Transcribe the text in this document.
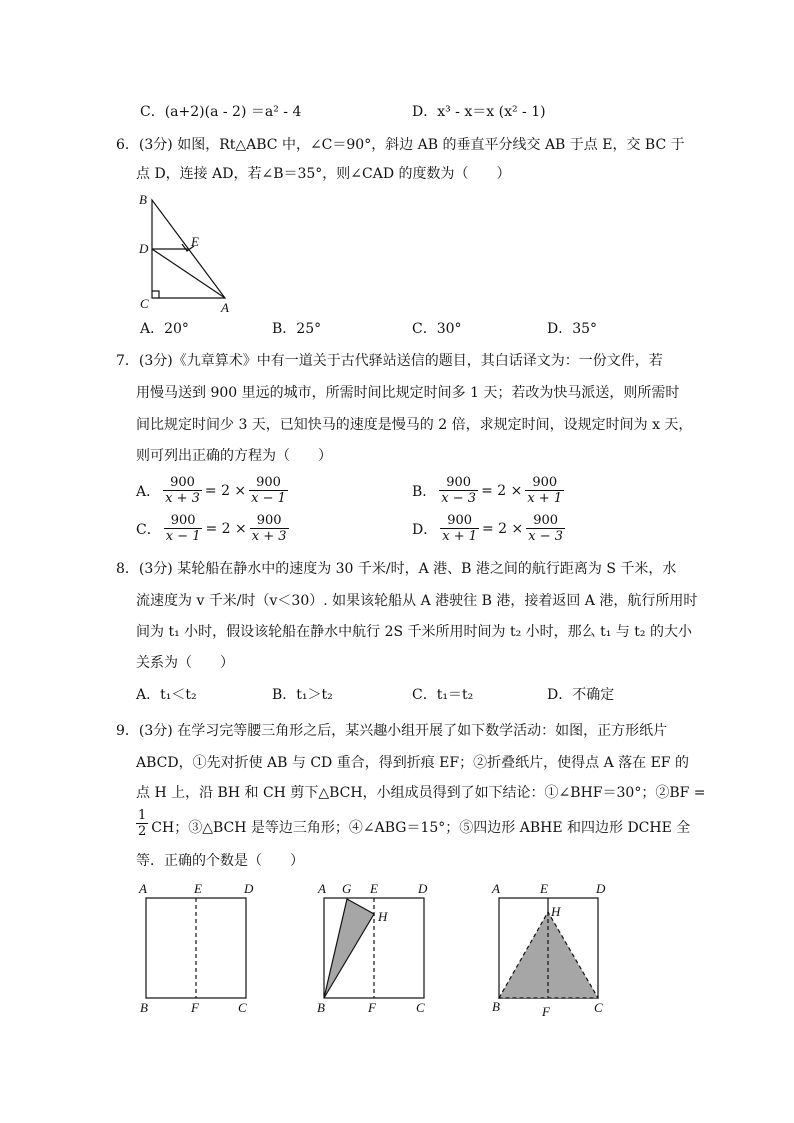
C．(a+2)(a - 2) ＝a² - 4	D．x³ - x＝x (x² - 1)
6．(3分) 如图，Rt△ABC 中，∠C＝90°，斜边 AB 的垂直平分线交 AB 于点 E，交 BC 于
点 D，连接 AD，若∠B＝35°，则∠CAD 的度数为（　　）
B
E
D
C	A
A．20°	B．25°	C．30°	D．35°
7．(3分)《九章算术》中有一道关于古代驿站送信的题目，其白话译文为：一份文件，若
用慢马送到 900 里远的城市，所需时间比规定时间多 1 天；若改为快马派送，则所需时
间比规定时间少 3 天，已知快马的速度是慢马的 2 倍，求规定时间，设规定时间为 x 天，
则可列出正确的方程为（　　）
A． $\frac{900}{x + 3} = 2 \times \frac{900}{x - 1}$	B． $\frac{900}{x - 3} = 2 \times \frac{900}{x + 1}$
C． $\frac{900}{x - 1} = 2 \times \frac{900}{x + 3}$	D． $\frac{900}{x + 1} = 2 \times \frac{900}{x - 3}$
8．(3分) 某轮船在静水中的速度为 30 千米/时，A 港、B 港之间的航行距离为 S 千米，水
流速度为 v 千米/时（v＜30）. 如果该轮船从 A 港驶往 B 港，接着返回 A 港，航行所用时
间为 t₁ 小时，假设该轮船在静水中航行 2S 千米所用时间为 t₂ 小时，那么 t₁ 与 t₂ 的大小
关系为（　　）
A．t₁＜t₂	B．t₁＞t₂	C．t₁＝t₂	D．不确定
9．(3分) 在学习完等腰三角形之后，某兴趣小组开展了如下数学活动：如图，正方形纸片
ABCD，①先对折使 AB 与 CD 重合，得到折痕 EF；②折叠纸片，使得点 A 落在 EF 的
点 H 上，沿 BH 和 CH 剪下△BCH，小组成员得到了如下结论：①∠BHF＝30°；②BF =
$\frac{1}{2}$ CH；③△BCH 是等边三角形；④∠ABG＝15°；⑤四边形 ABHE 和四边形 DCHE 全
等．正确的个数是（　　）
A	E	D
B	F	C
A G E	D
H
B	F	C
A	E	D
H
B	F	C
